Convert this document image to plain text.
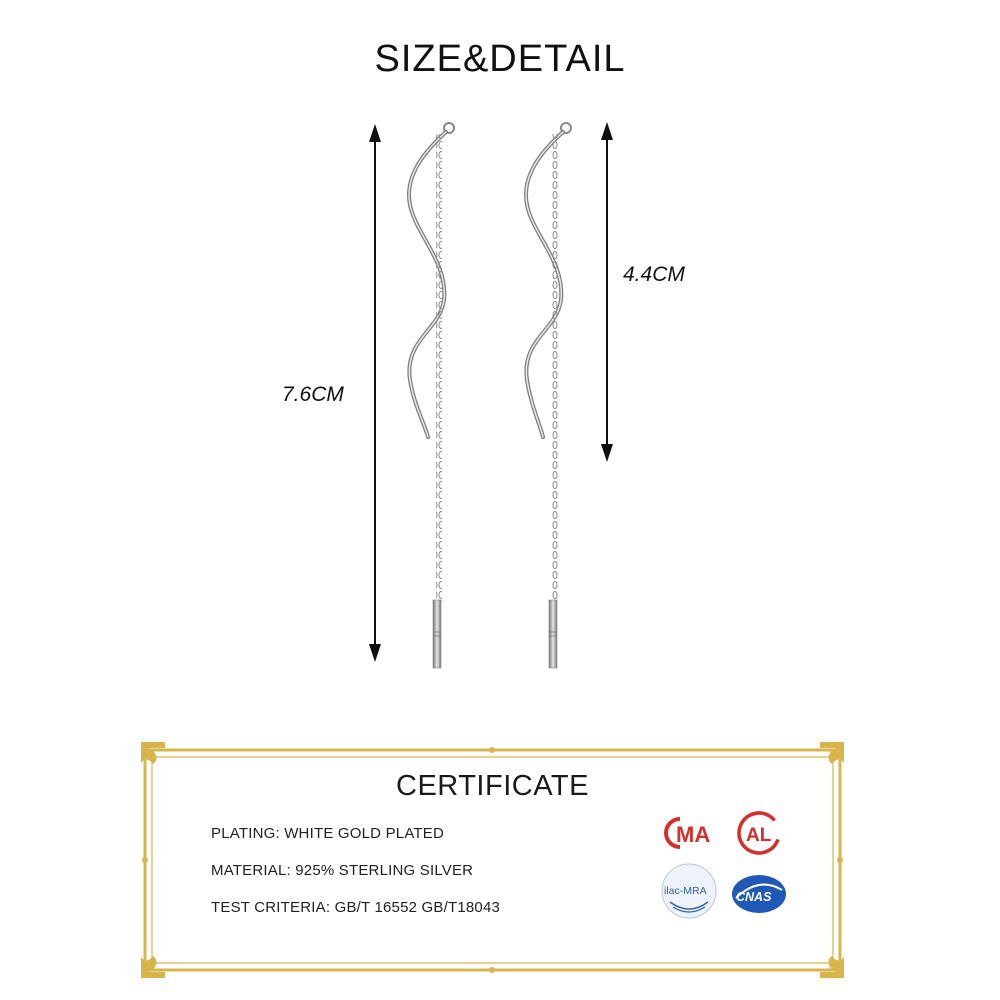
SIZE&DETAIL
7.6CM
4.4CM
CERTIFICATE
PLATING: WHITE GOLD PLATED
MATERIAL: 925% STERLING SILVER
TEST CRITERIA: GB/T 16552 GB/T18043
MA AL
ilac-MRA CNAS
